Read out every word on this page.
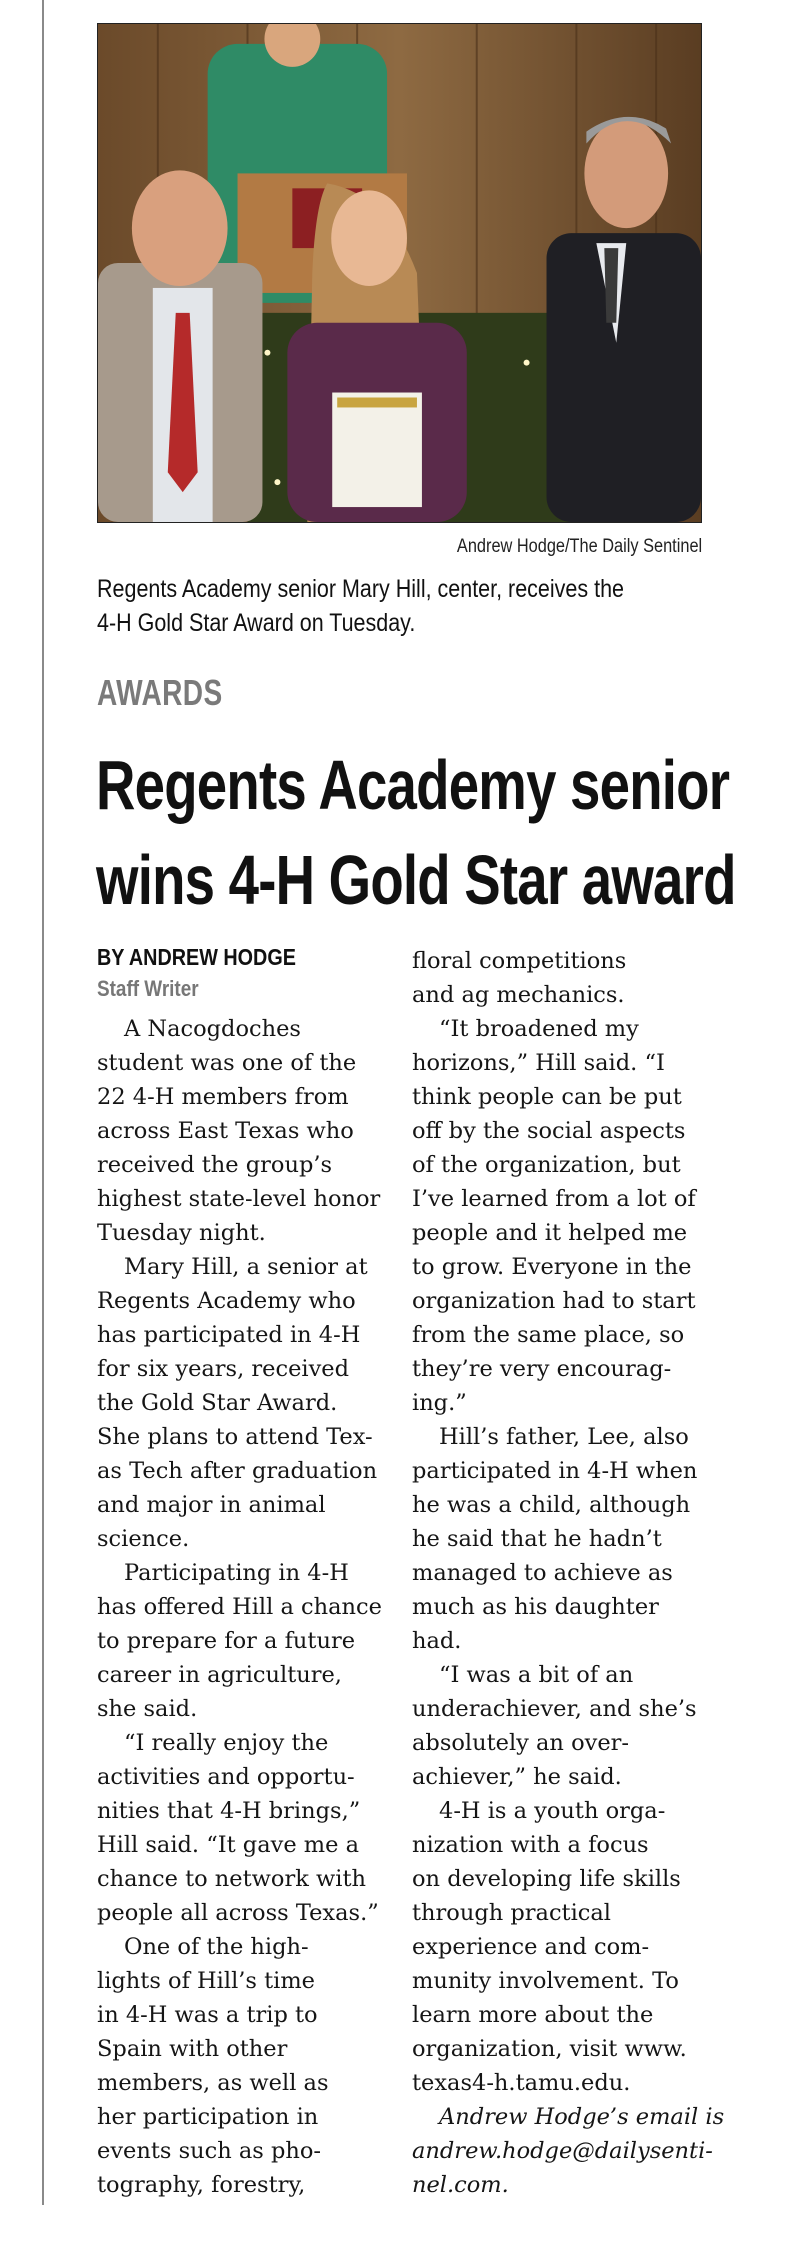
Andrew Hodge/The Daily Sentinel
Regents Academy senior Mary Hill, center, receives the
4-H Gold Star Award on Tuesday.
AWARDS
Regents Academy senior
wins 4-H Gold Star award
BY ANDREW HODGE
Staff Writer
A Nacogdoches
student was one of the
22 4-H members from
across East Texas who
received the group’s
highest state-level honor
Tuesday night.
Mary Hill, a senior at
Regents Academy who
has participated in 4-H
for six years, received
the Gold Star Award.
She plans to attend Tex-
as Tech after graduation
and major in animal
science.
Participating in 4-H
has offered Hill a chance
to prepare for a future
career in agriculture,
she said.
“I really enjoy the
activities and opportu-
nities that 4-H brings,”
Hill said. “It gave me a
chance to network with
people all across Texas.”
One of the high-
lights of Hill’s time
in 4-H was a trip to
Spain with other
members, as well as
her participation in
events such as pho-
tography, forestry,
floral competitions
and ag mechanics.
“It broadened my
horizons,” Hill said. “I
think people can be put
off by the social aspects
of the organization, but
I’ve learned from a lot of
people and it helped me
to grow. Everyone in the
organization had to start
from the same place, so
they’re very encourag-
ing.”
Hill’s father, Lee, also
participated in 4-H when
he was a child, although
he said that he hadn’t
managed to achieve as
much as his daughter
had.
“I was a bit of an
underachiever, and she’s
absolutely an over-
achiever,” he said.
4-H is a youth orga-
nization with a focus
on developing life skills
through practical
experience and com-
munity involvement. To
learn more about the
organization, visit www.
texas4-h.tamu.edu.
Andrew Hodge’s email is
andrew.hodge@dailysenti-
nel.com.
